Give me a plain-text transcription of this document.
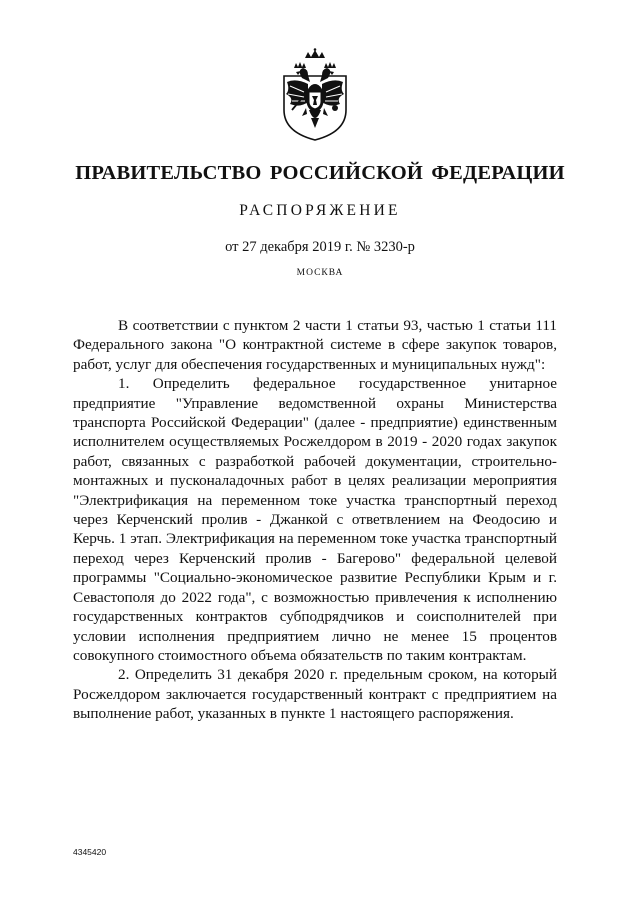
ПРАВИТЕЛЬСТВО РОССИЙСКОЙ ФЕДЕРАЦИИ
РАСПОРЯЖЕНИЕ
от 27 декабря 2019 г. № 3230-р
МОСКВА

В соответствии с пунктом 2 части 1 статьи 93, частью 1 статьи 111 Федерального закона "О контрактной системе в сфере закупок товаров, работ, услуг для обеспечения государственных и муниципальных нужд":

1. Определить федеральное государственное унитарное предприятие "Управление ведомственной охраны Министерства транспорта Российской Федерации" (далее - предприятие) единственным исполнителем осуществляемых Росжелдором в 2019 - 2020 годах закупок работ, связанных с разработкой рабочей документации, строительно-монтажных и пусконаладочных работ в целях реализации мероприятия "Электрификация на переменном токе участка транспортный переход через Керченский пролив - Джанкой с ответвлением на Феодосию и Керчь. 1 этап. Электрификация на переменном токе участка транспортный переход через Керченский пролив - Багерово" федеральной целевой программы "Социально-экономическое развитие Республики Крым и г. Севастополя до 2022 года", с возможностью привлечения к исполнению государственных контрактов субподрядчиков и соисполнителей при условии исполнения предприятием лично не менее 15 процентов совокупного стоимостного объема обязательств по таким контрактам.

2. Определить 31 декабря 2020 г. предельным сроком, на который Росжелдором заключается государственный контракт с предприятием на выполнение работ, указанных в пункте 1 настоящего распоряжения.

4345420
